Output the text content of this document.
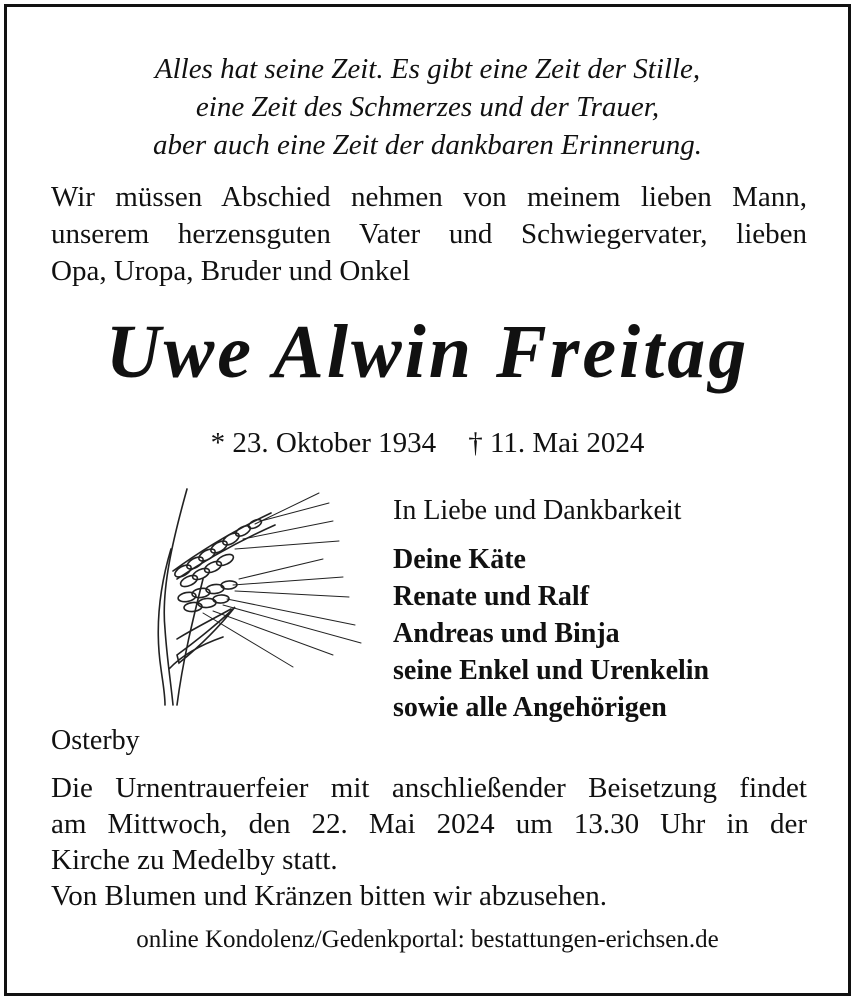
Alles hat seine Zeit. Es gibt eine Zeit der Stille,
eine Zeit des Schmerzes und der Trauer,
aber auch eine Zeit der dankbaren Erinnerung.
Wir müssen Abschied nehmen von meinem lieben Mann,
unserem herzensguten Vater und Schwiegervater, lieben
Opa, Uropa, Bruder und Onkel
Uwe Alwin Freitag
* 23. Oktober 1934 † 11. Mai 2024
In Liebe und Dankbarkeit
Deine Käte
Renate und Ralf
Andreas und Binja
seine Enkel und Urenkelin
sowie alle Angehörigen
Osterby
Die Urnentrauerfeier mit anschließender Beisetzung findet
am Mittwoch, den 22. Mai 2024 um 13.30 Uhr in der
Kirche zu Medelby statt.
Von Blumen und Kränzen bitten wir abzusehen.
online Kondolenz/Gedenkportal: bestattungen-erichsen.de
